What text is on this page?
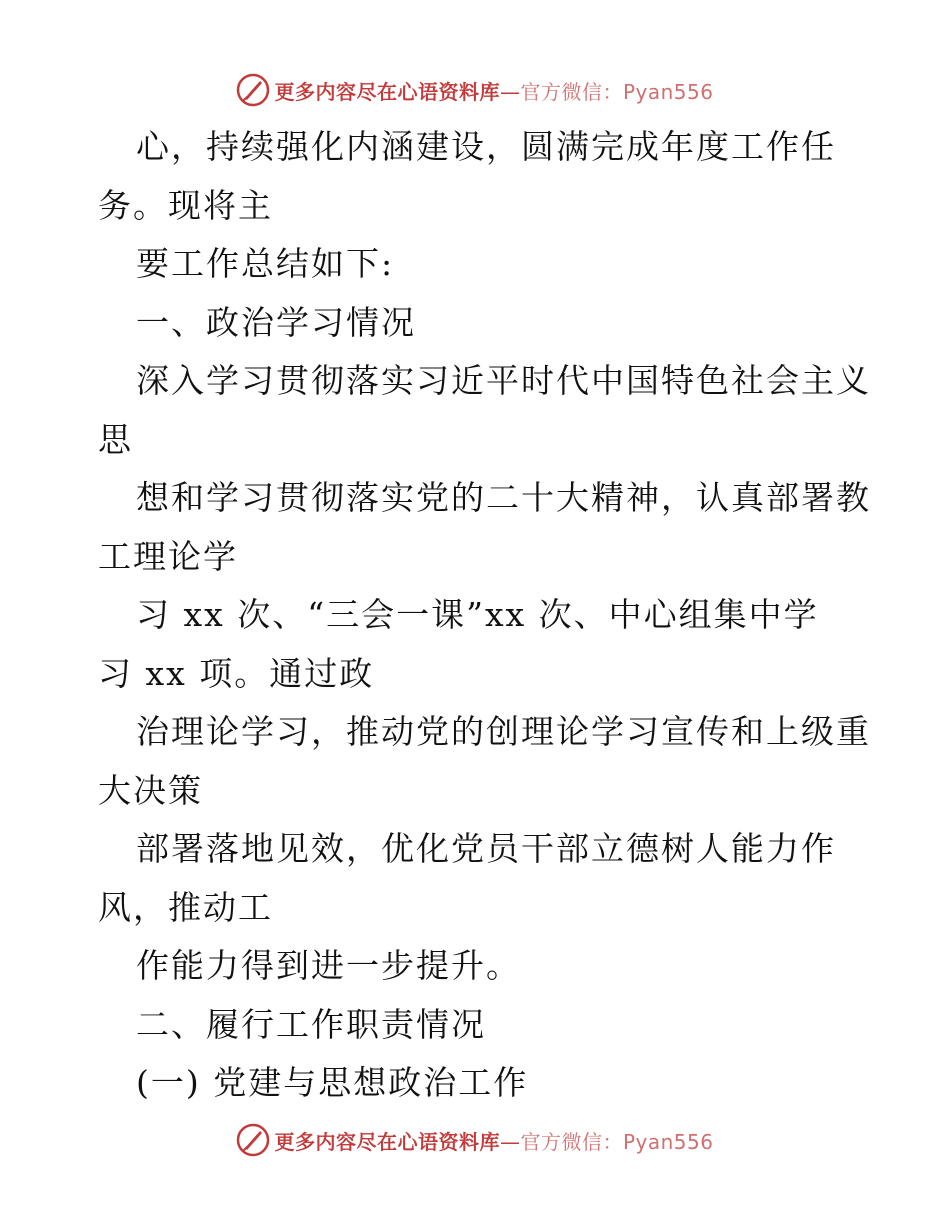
更多内容尽在心语资料库—官方微信：Pyan556
心，持续强化内涵建设，圆满完成年度工作任
务。现将主
要工作总结如下:
一、政治学习情况
深入学习贯彻落实习近平时代中国特色社会主义
思
想和学习贯彻落实党的二十大精神，认真部署教
工理论学
习 xx 次、“三会一课”xx 次、中心组集中学
习 xx 项。通过政
治理论学习，推动党的创理论学习宣传和上级重
大决策
部署落地见效，优化党员干部立德树人能力作
风，推动工
作能力得到进一步提升。
二、履行工作职责情况
(一) 党建与思想政治工作
更多内容尽在心语资料库—官方微信：Pyan556
